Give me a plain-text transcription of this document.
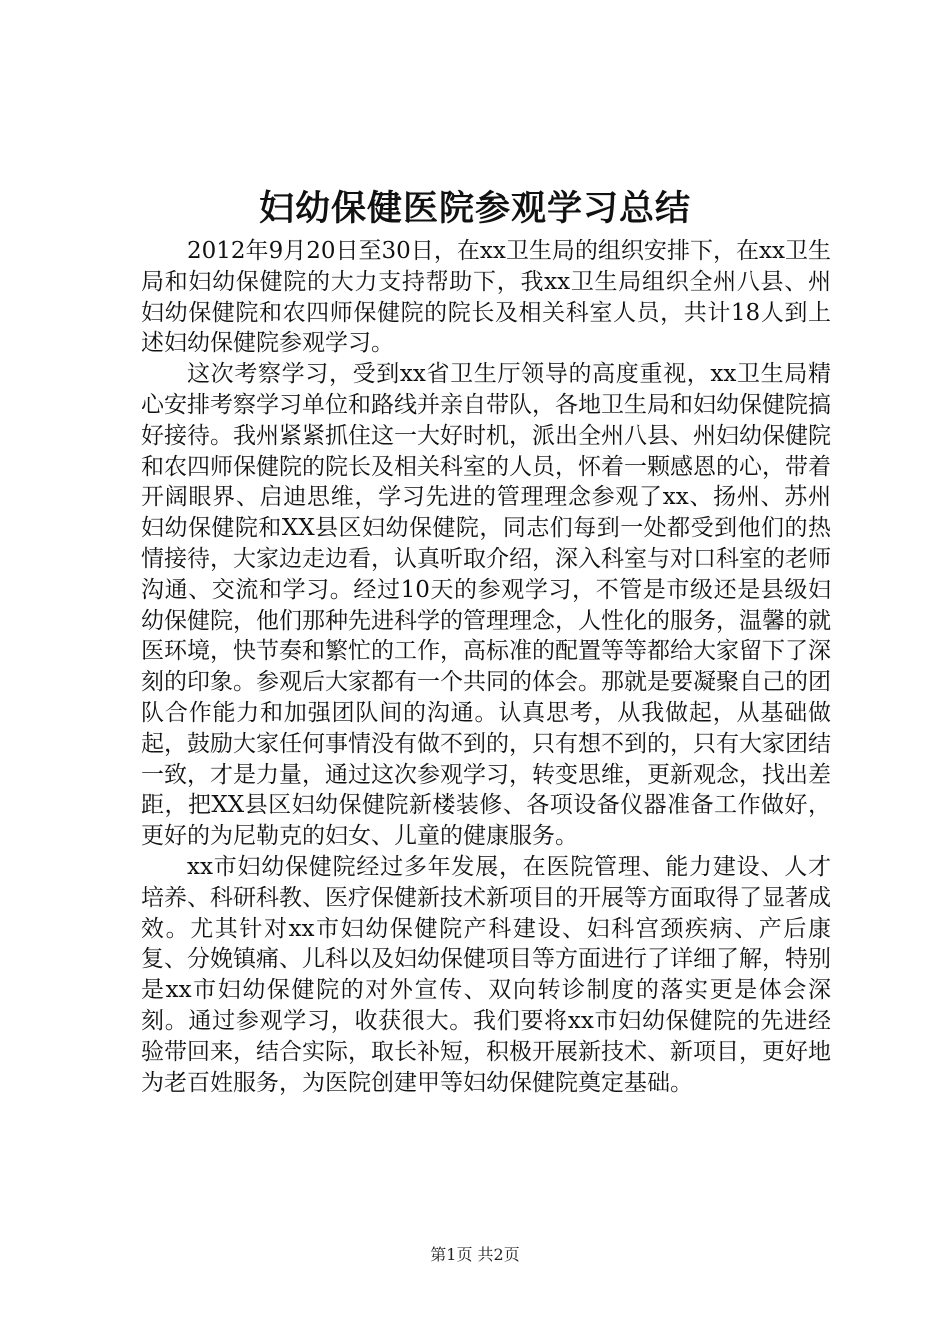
妇幼保健医院参观学习总结

2012年9月20日至30日，在xx卫生局的组织安排下，在xx卫生局和妇幼保健院的大力支持帮助下，我xx卫生局组织全州八县、州妇幼保健院和农四师保健院的院长及相关科室人员，共计18人到上述妇幼保健院参观学习。

这次考察学习，受到xx省卫生厅领导的高度重视，xx卫生局精心安排考察学习单位和路线并亲自带队，各地卫生局和妇幼保健院搞好接待。我州紧紧抓住这一大好时机，派出全州八县、州妇幼保健院和农四师保健院的院长及相关科室的人员，怀着一颗感恩的心，带着开阔眼界、启迪思维，学习先进的管理理念参观了xx、扬州、苏州妇幼保健院和XX县区妇幼保健院，同志们每到一处都受到他们的热情接待，大家边走边看，认真听取介绍，深入科室与对口科室的老师沟通、交流和学习。经过10天的参观学习，不管是市级还是县级妇幼保健院，他们那种先进科学的管理理念，人性化的服务，温馨的就医环境，快节奏和繁忙的工作，高标准的配置等等都给大家留下了深刻的印象。参观后大家都有一个共同的体会。那就是要凝聚自己的团队合作能力和加强团队间的沟通。认真思考，从我做起，从基础做起，鼓励大家任何事情没有做不到的，只有想不到的，只有大家团结一致，才是力量，通过这次参观学习，转变思维，更新观念，找出差距，把XX县区妇幼保健院新楼装修、各项设备仪器准备工作做好，更好的为尼勒克的妇女、儿童的健康服务。

xx市妇幼保健院经过多年发展，在医院管理、能力建设、人才培养、科研科教、医疗保健新技术新项目的开展等方面取得了显著成效。尤其针对xx市妇幼保健院产科建设、妇科宫颈疾病、产后康复、分娩镇痛、儿科以及妇幼保健项目等方面进行了详细了解，特别是xx市妇幼保健院的对外宣传、双向转诊制度的落实更是体会深刻。通过参观学习，收获很大。我们要将xx市妇幼保健院的先进经验带回来，结合实际，取长补短，积极开展新技术、新项目，更好地为老百姓服务，为医院创建甲等妇幼保健院奠定基础。

第1页 共2页
